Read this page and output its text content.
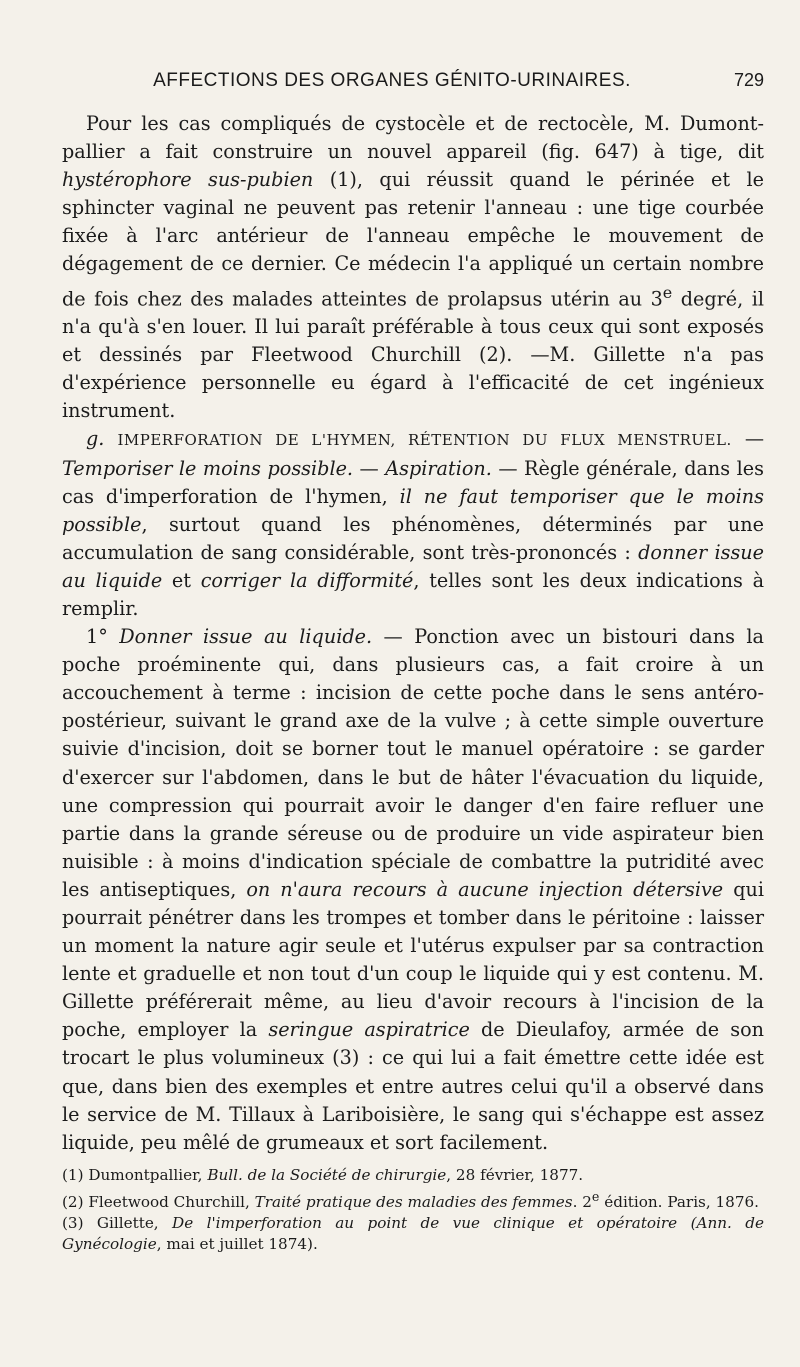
AFFECTIONS DES ORGANES GÉNITO-URINAIRES.	729

Pour les cas compliqués de cystocèle et de rectocèle, M. Dumont-pallier a fait construire un nouvel appareil (fig. 647) à tige, dit hystérophore sus-pubien (1), qui réussit quand le périnée et le sphincter vaginal ne peuvent pas retenir l'anneau : une tige courbée fixée à l'arc antérieur de l'anneau empêche le mouvement de dégagement de ce dernier. Ce médecin l'a appliqué un certain nombre de fois chez des malades atteintes de prolapsus utérin au 3e degré, il n'a qu'à s'en louer. Il lui paraît préférable à tous ceux qui sont exposés et dessinés par Fleetwood Churchill (2). —M. Gillette n'a pas d'expérience personnelle eu égard à l'efficacité de cet ingénieux instrument.

g. IMPERFORATION DE L'HYMEN, RÉTENTION DU FLUX MENSTRUEL. — Temporiser le moins possible. — Aspiration. — Règle générale, dans les cas d'imperforation de l'hymen, il ne faut temporiser que le moins possible, surtout quand les phénomènes, déterminés par une accumulation de sang considérable, sont très-prononcés : donner issue au liquide et corriger la difformité, telles sont les deux indications à remplir.

1° Donner issue au liquide. — Ponction avec un bistouri dans la poche proéminente qui, dans plusieurs cas, a fait croire à un accouchement à terme : incision de cette poche dans le sens antéro-postérieur, suivant le grand axe de la vulve ; à cette simple ouverture suivie d'incision, doit se borner tout le manuel opératoire : se garder d'exercer sur l'abdomen, dans le but de hâter l'évacuation du liquide, une compression qui pourrait avoir le danger d'en faire refluer une partie dans la grande séreuse ou de produire un vide aspirateur bien nuisible : à moins d'indication spéciale de combattre la putridité avec les antiseptiques, on n'aura recours à aucune injection détersive qui pourrait pénétrer dans les trompes et tomber dans le péritoine : laisser un moment la nature agir seule et l'utérus expulser par sa contraction lente et graduelle et non tout d'un coup le liquide qui y est contenu. M. Gillette préférerait même, au lieu d'avoir recours à l'incision de la poche, employer la seringue aspiratrice de Dieulafoy, armée de son trocart le plus volumineux (3) : ce qui lui a fait émettre cette idée est que, dans bien des exemples et entre autres celui qu'il a observé dans le service de M. Tillaux à Lariboisière, le sang qui s'échappe est assez liquide, peu mêlé de grumeaux et sort facilement.

(1) Dumontpallier, Bull. de la Société de chirurgie, 28 février, 1877.

(2) Fleetwood Churchill, Traité pratique des maladies des femmes. 2e édition. Paris, 1876.

(3) Gillette, De l'imperforation au point de vue clinique et opératoire (Ann. de Gynécologie, mai et juillet 1874).
